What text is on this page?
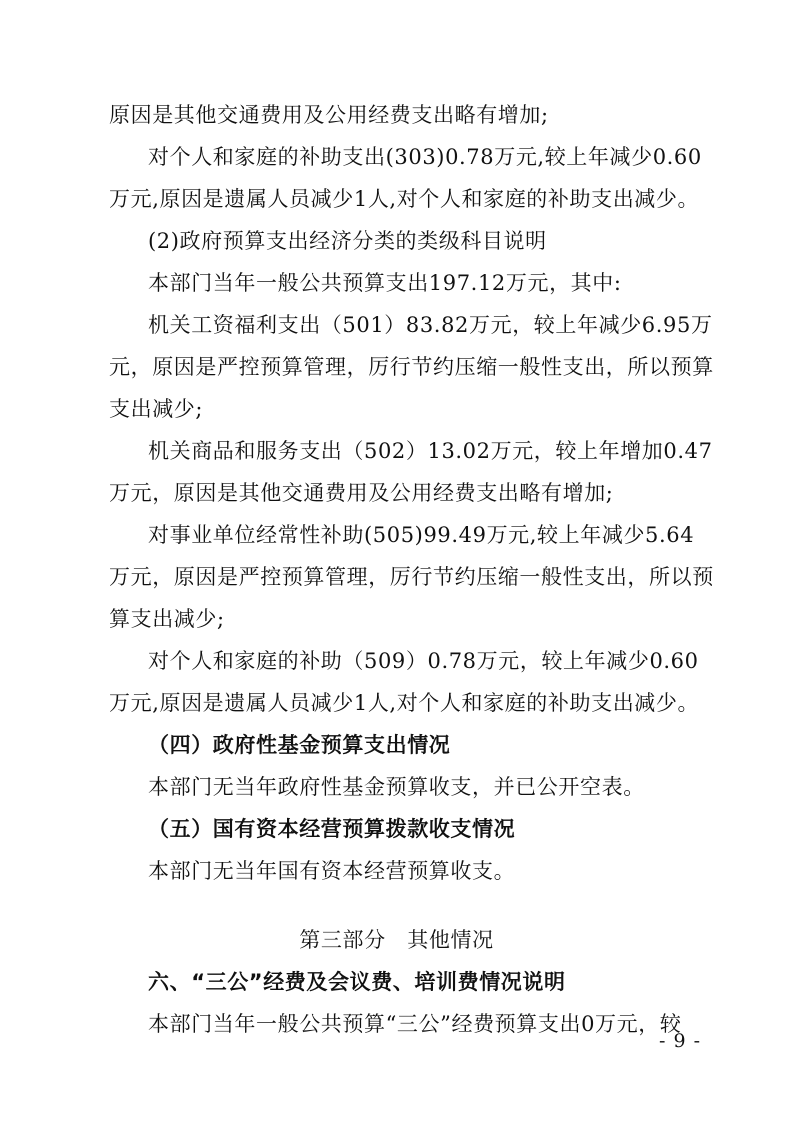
原因是其他交通费用及公用经费支出略有增加;
对个人和家庭的补助支出(303)0.78万元,较上年减少0.60
万元,原因是遗属人员减少1人,对个人和家庭的补助支出减少。
(2)政府预算支出经济分类的类级科目说明
本部门当年一般公共预算支出197.12万元，其中:
机关工资福利支出（501）83.82万元，较上年减少6.95万
元，原因是严控预算管理，厉行节约压缩一般性支出，所以预算
支出减少;
机关商品和服务支出（502）13.02万元，较上年增加0.47
万元，原因是其他交通费用及公用经费支出略有增加;
对事业单位经常性补助(505)99.49万元,较上年减少5.64
万元，原因是严控预算管理，厉行节约压缩一般性支出，所以预
算支出减少;
对个人和家庭的补助（509）0.78万元，较上年减少0.60
万元,原因是遗属人员减少1人,对个人和家庭的补助支出减少。
（四）政府性基金预算支出情况
本部门无当年政府性基金预算收支，并已公开空表。
（五）国有资本经营预算拨款收支情况
本部门无当年国有资本经营预算收支。
第三部分　其他情况
六、“三公”经费及会议费、培训费情况说明
本部门当年一般公共预算“三公”经费预算支出0万元，较
- 9 -
